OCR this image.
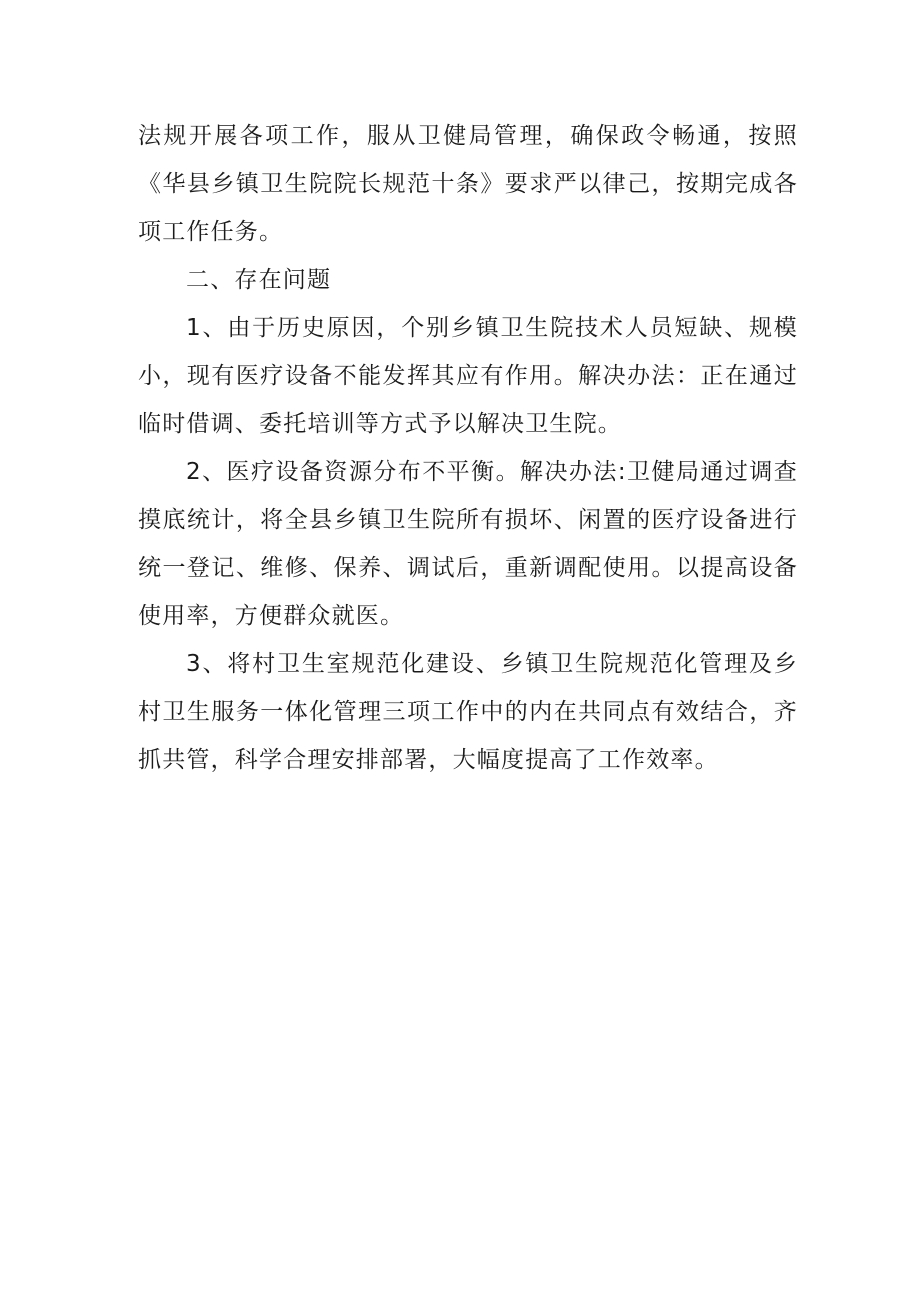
法规开展各项工作，服从卫健局管理，确保政令畅通，按照《华县乡镇卫生院院长规范十条》要求严以律己，按期完成各项工作任务。

二、存在问题

1、由于历史原因，个别乡镇卫生院技术人员短缺、规模小，现有医疗设备不能发挥其应有作用。解决办法：正在通过临时借调、委托培训等方式予以解决卫生院。

2、医疗设备资源分布不平衡。解决办法:卫健局通过调查摸底统计，将全县乡镇卫生院所有损坏、闲置的医疗设备进行统一登记、维修、保养、调试后，重新调配使用。以提高设备使用率，方便群众就医。

3、将村卫生室规范化建设、乡镇卫生院规范化管理及乡村卫生服务一体化管理三项工作中的内在共同点有效结合，齐抓共管，科学合理安排部署，大幅度提高了工作效率。
